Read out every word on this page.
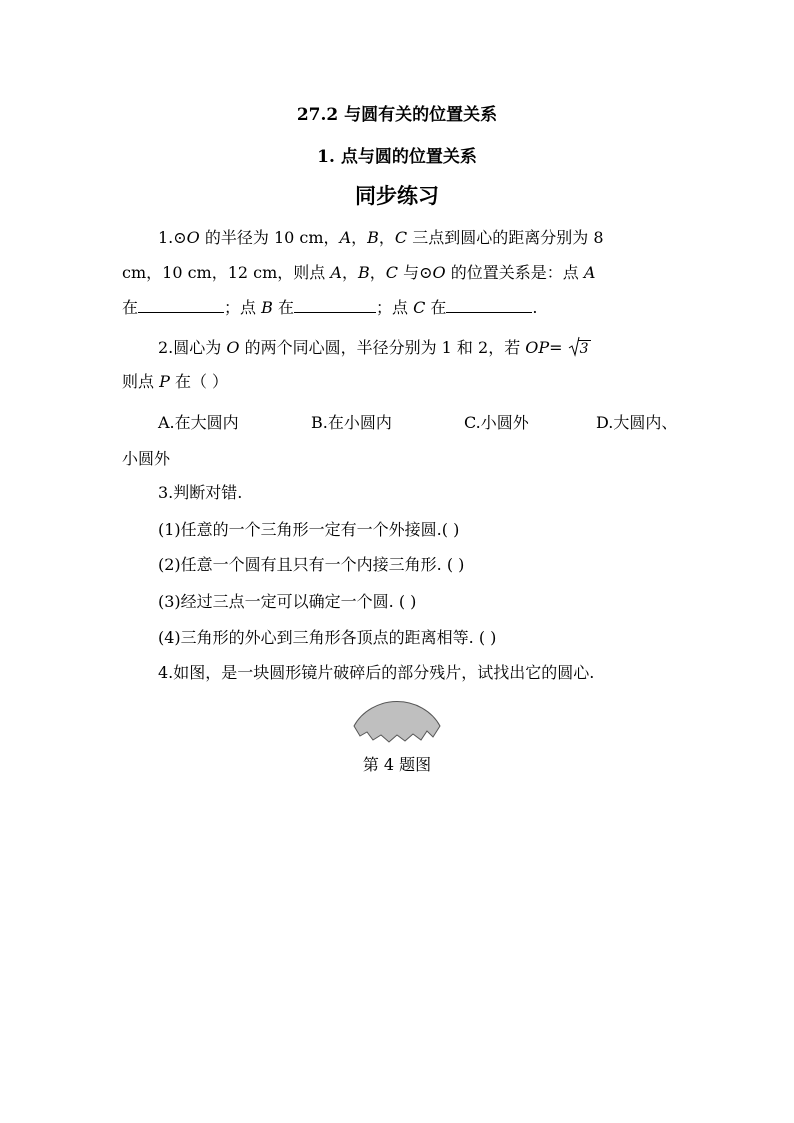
27.2 与圆有关的位置关系
1. 点与圆的位置关系
同步练习
1.⊙O 的半径为 10 cm，A，B，C 三点到圆心的距离分别为 8
cm，10 cm，12 cm，则点 A，B，C 与⊙O 的位置关系是：点 A
在	；点 B 在	；点 C 在	.
2.圆心为 O 的两个同心圆，半径分别为 1 和 2，若 OP=
3
则点 P 在（ ）
A.在大圆内	B.在小圆内	C.小圆外	D.大圆内、
小圆外
3.判断对错.
(1)任意的一个三角形一定有一个外接圆.( )
(2)任意一个圆有且只有一个内接三角形. ( )
(3)经过三点一定可以确定一个圆. ( )
(4)三角形的外心到三角形各顶点的距离相等. ( )
4.如图，是一块圆形镜片破碎后的部分残片，试找出它的圆心.
第 4 题图
